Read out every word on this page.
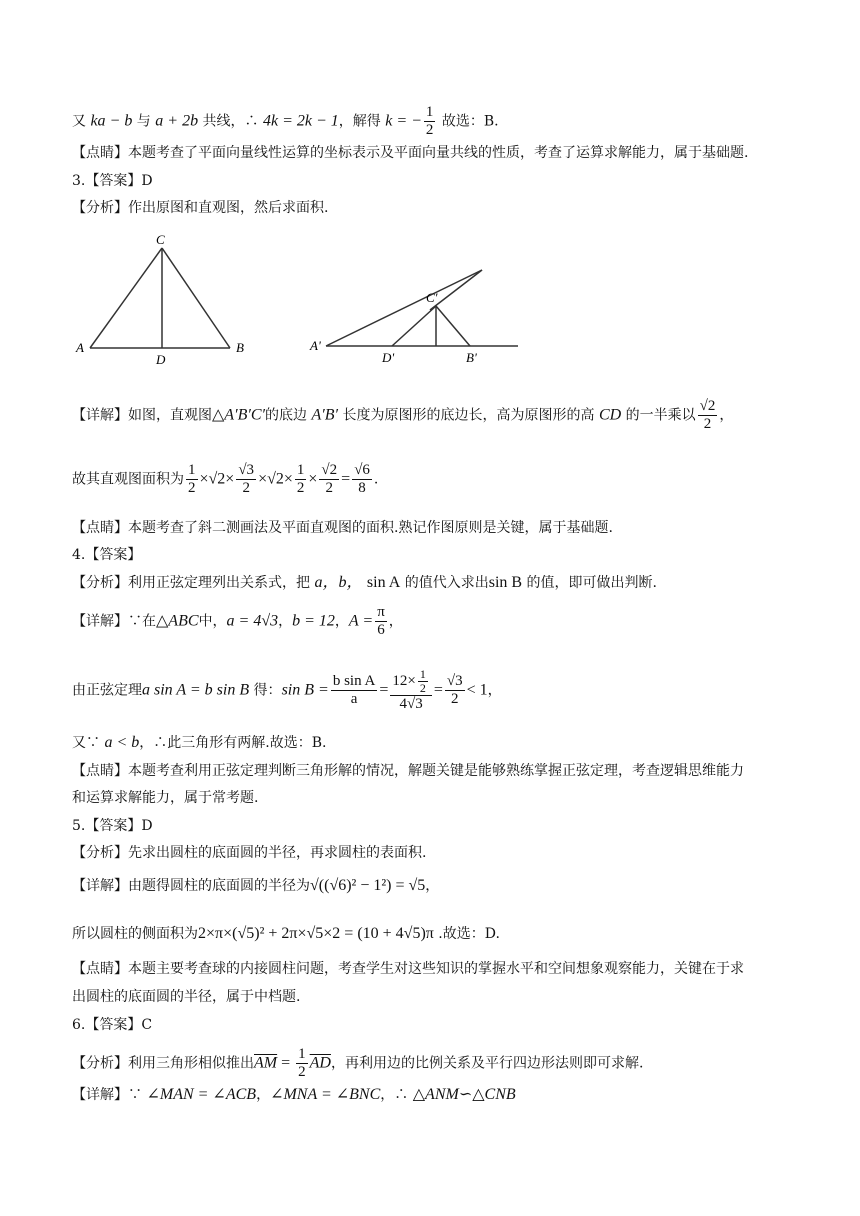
又 ka − b 与 a + 2b 共线，∴ 4k = 2k − 1，解得 k = − $\frac{1}{2}$ 故选：B.
【点睛】本题考查了平面向量线性运算的坐标表示及平面向量共线的性质，考查了运算求解能力，属于基础题.
3.【答案】D
【分析】作出原图和直观图，然后求面积.
C
A
D
B
C'
A'
D'	B'
【详解】如图，直观图△A′B′C′的底边 A′B′ 长度为原图形的底边长，高为原图形的高 CD 的一半乘以 $\frac{√2}{2}$ ，
故其直观图面积为 $\frac{1}{2} \times√2\times \frac{√3}{2} \times√2\times \frac{1}{2} \times \frac{√2}{2} = \frac{√6}{8}$ .
【点睛】本题考查了斜二测画法及平面直观图的面积.熟记作图原则是关键，属于基础题.
4.【答案】
【分析】利用正弦定理列出关系式，把 a，b， sin A 的值代入求出sin B 的值，即可做出判断.
【详解】∵在△ABC中，a = 4√3，b = 12，$A = \frac{\pi}{6}$ ，
由正弦定理a sin A = b sin B 得：$\sin B = \frac{\text{b sin A}}{a} = \frac{12\times \frac{1}{2}}{4√3} = \frac{√3}{2} < 1$，
又∵ a < b，∴此三角形有两解.故选：B.
【点睛】本题考查利用正弦定理判断三角形解的情况，解题关键是能够熟练掌握正弦定理，考查逻辑思维能力
和运算求解能力，属于常考题.
5.【答案】D
【分析】先求出圆柱的底面圆的半径，再求圆柱的表面积.
【详解】由题得圆柱的底面圆的半径为√((√6)² − 1²) = √5，
所以圆柱的侧面积为2×π×(√5)² + 2π×√5×2 = (10 + 4√5)π .故选：D.
【点睛】本题主要考查球的内接圆柱问题，考查学生对这些知识的掌握水平和空间想象观察能力，关键在于求
出圆柱的底面圆的半径，属于中档题.
6.【答案】C
【分析】利用三角形相似推出$\overline{AM} = \frac{1}{2} \overline{AD}$，再利用边的比例关系及平行四边形法则即可求解.
【详解】∵ ∠MAN = ∠ACB，∠MNA = ∠BNC，∴ △ANM∽△CNB
